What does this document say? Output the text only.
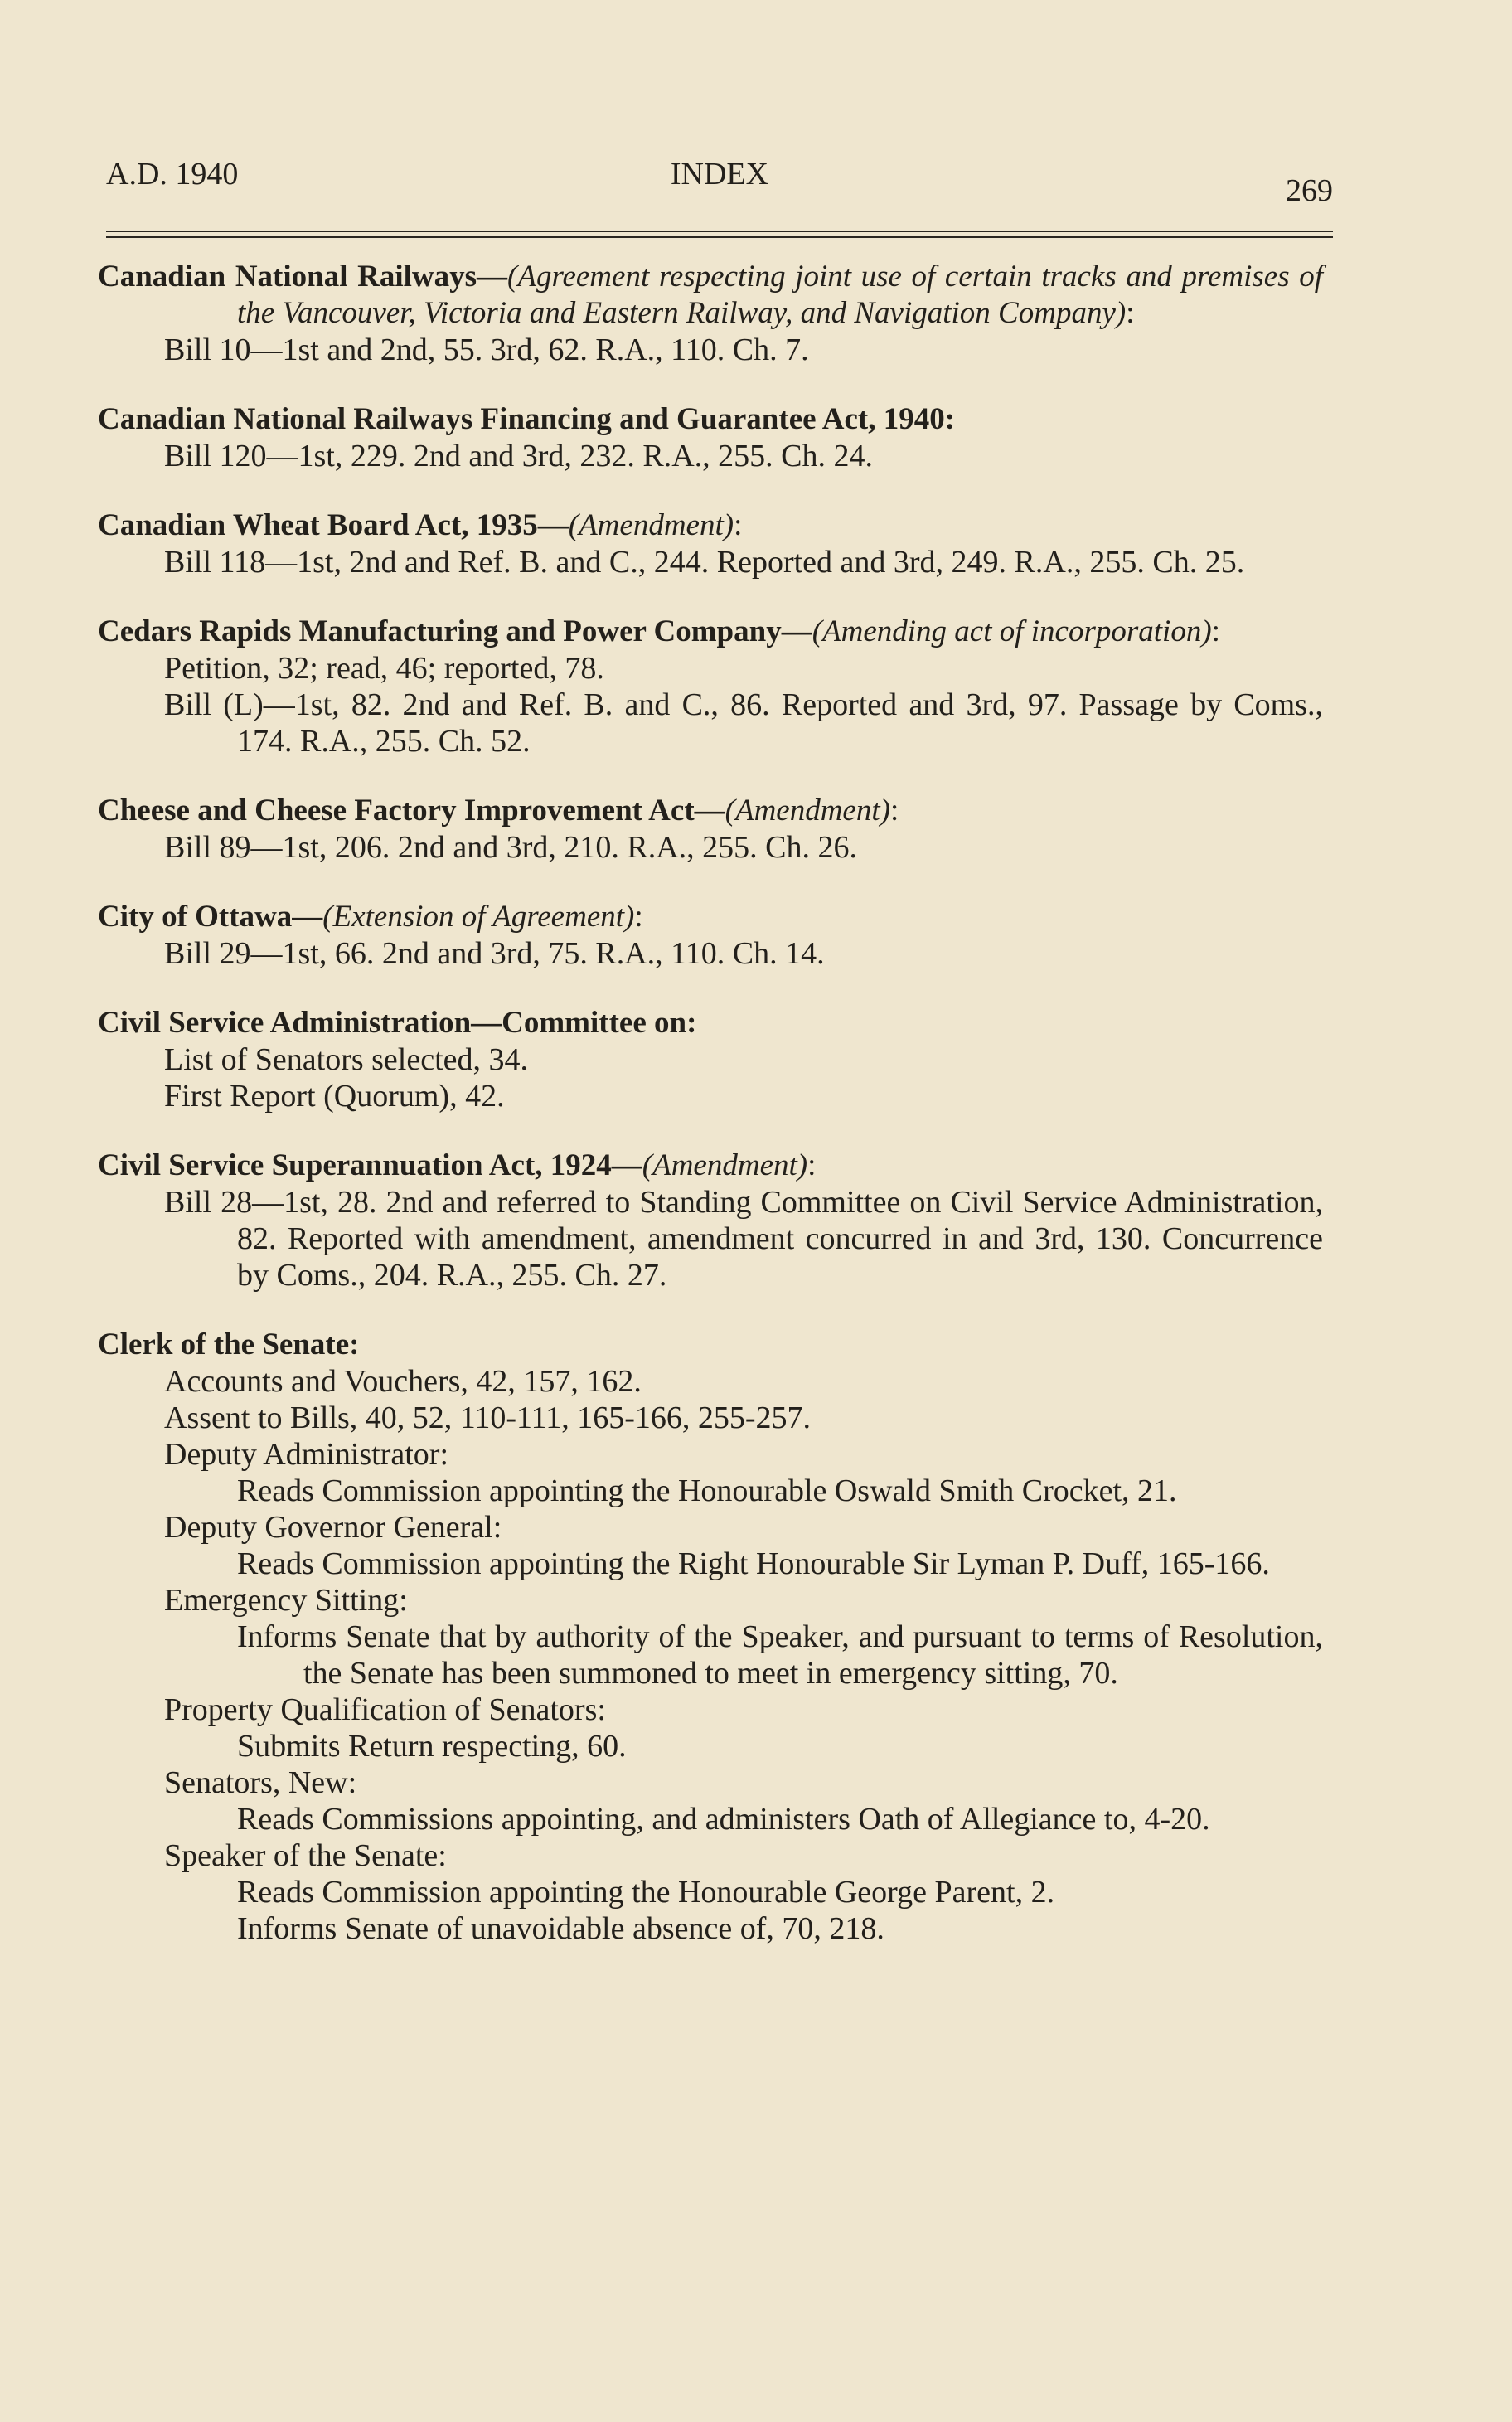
A.D. 1940	INDEX	269
Canadian National Railways—(Agreement respecting joint use of certain tracks and premises of the Vancouver, Victoria and Eastern Railway, and Navigation Company):
Bill 10—1st and 2nd, 55. 3rd, 62. R.A., 110. Ch. 7.
Canadian National Railways Financing and Guarantee Act, 1940:
Bill 120—1st, 229. 2nd and 3rd, 232. R.A., 255. Ch. 24.
Canadian Wheat Board Act, 1935—(Amendment):
Bill 118—1st, 2nd and Ref. B. and C., 244. Reported and 3rd, 249. R.A., 255. Ch. 25.
Cedars Rapids Manufacturing and Power Company—(Amending act of incorporation):
Petition, 32; read, 46; reported, 78.
Bill (L)—1st, 82. 2nd and Ref. B. and C., 86. Reported and 3rd, 97. Passage by Coms., 174. R.A., 255. Ch. 52.
Cheese and Cheese Factory Improvement Act—(Amendment):
Bill 89—1st, 206. 2nd and 3rd, 210. R.A., 255. Ch. 26.
City of Ottawa—(Extension of Agreement):
Bill 29—1st, 66. 2nd and 3rd, 75. R.A., 110. Ch. 14.
Civil Service Administration—Committee on:
List of Senators selected, 34.
First Report (Quorum), 42.
Civil Service Superannuation Act, 1924—(Amendment):
Bill 28—1st, 28. 2nd and referred to Standing Committee on Civil Service Administration, 82. Reported with amendment, amendment concurred in and 3rd, 130. Concurrence by Coms., 204. R.A., 255. Ch. 27.
Clerk of the Senate:
Accounts and Vouchers, 42, 157, 162.
Assent to Bills, 40, 52, 110-111, 165-166, 255-257.
Deputy Administrator:
Reads Commission appointing the Honourable Oswald Smith Crocket, 21.
Deputy Governor General:
Reads Commission appointing the Right Honourable Sir Lyman P. Duff, 165-166.
Emergency Sitting:
Informs Senate that by authority of the Speaker, and pursuant to terms of Resolution, the Senate has been summoned to meet in emergency sitting, 70.
Property Qualification of Senators:
Submits Return respecting, 60.
Senators, New:
Reads Commissions appointing, and administers Oath of Allegiance to, 4-20.
Speaker of the Senate:
Reads Commission appointing the Honourable George Parent, 2.
Informs Senate of unavoidable absence of, 70, 218.
